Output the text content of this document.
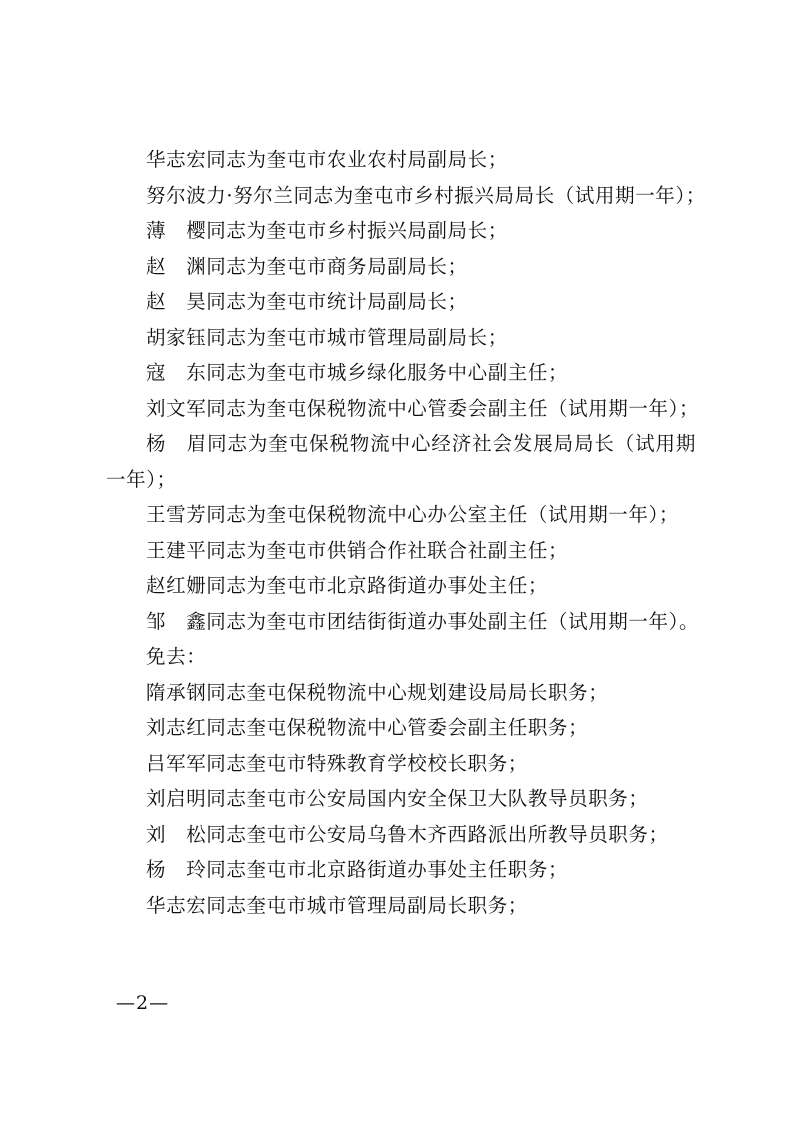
华志宏同志为奎屯市农业农村局副局长；
努尔波力·努尔兰同志为奎屯市乡村振兴局局长（试用期一年）；
薄　樱同志为奎屯市乡村振兴局副局长；
赵　渊同志为奎屯市商务局副局长；
赵　昊同志为奎屯市统计局副局长；
胡家钰同志为奎屯市城市管理局副局长；
寇　东同志为奎屯市城乡绿化服务中心副主任；
刘文军同志为奎屯保税物流中心管委会副主任（试用期一年）；
杨　眉同志为奎屯保税物流中心经济社会发展局局长（试用期一年）；
王雪芳同志为奎屯保税物流中心办公室主任（试用期一年）；
王建平同志为奎屯市供销合作社联合社副主任；
赵红姗同志为奎屯市北京路街道办事处主任；
邹　鑫同志为奎屯市团结街街道办事处副主任（试用期一年）。
免去：
隋承钢同志奎屯保税物流中心规划建设局局长职务；
刘志红同志奎屯保税物流中心管委会副主任职务；
吕军军同志奎屯市特殊教育学校校长职务；
刘启明同志奎屯市公安局国内安全保卫大队教导员职务；
刘　松同志奎屯市公安局乌鲁木齐西路派出所教导员职务；
杨　玲同志奎屯市北京路街道办事处主任职务；
华志宏同志奎屯市城市管理局副局长职务；
—2—
